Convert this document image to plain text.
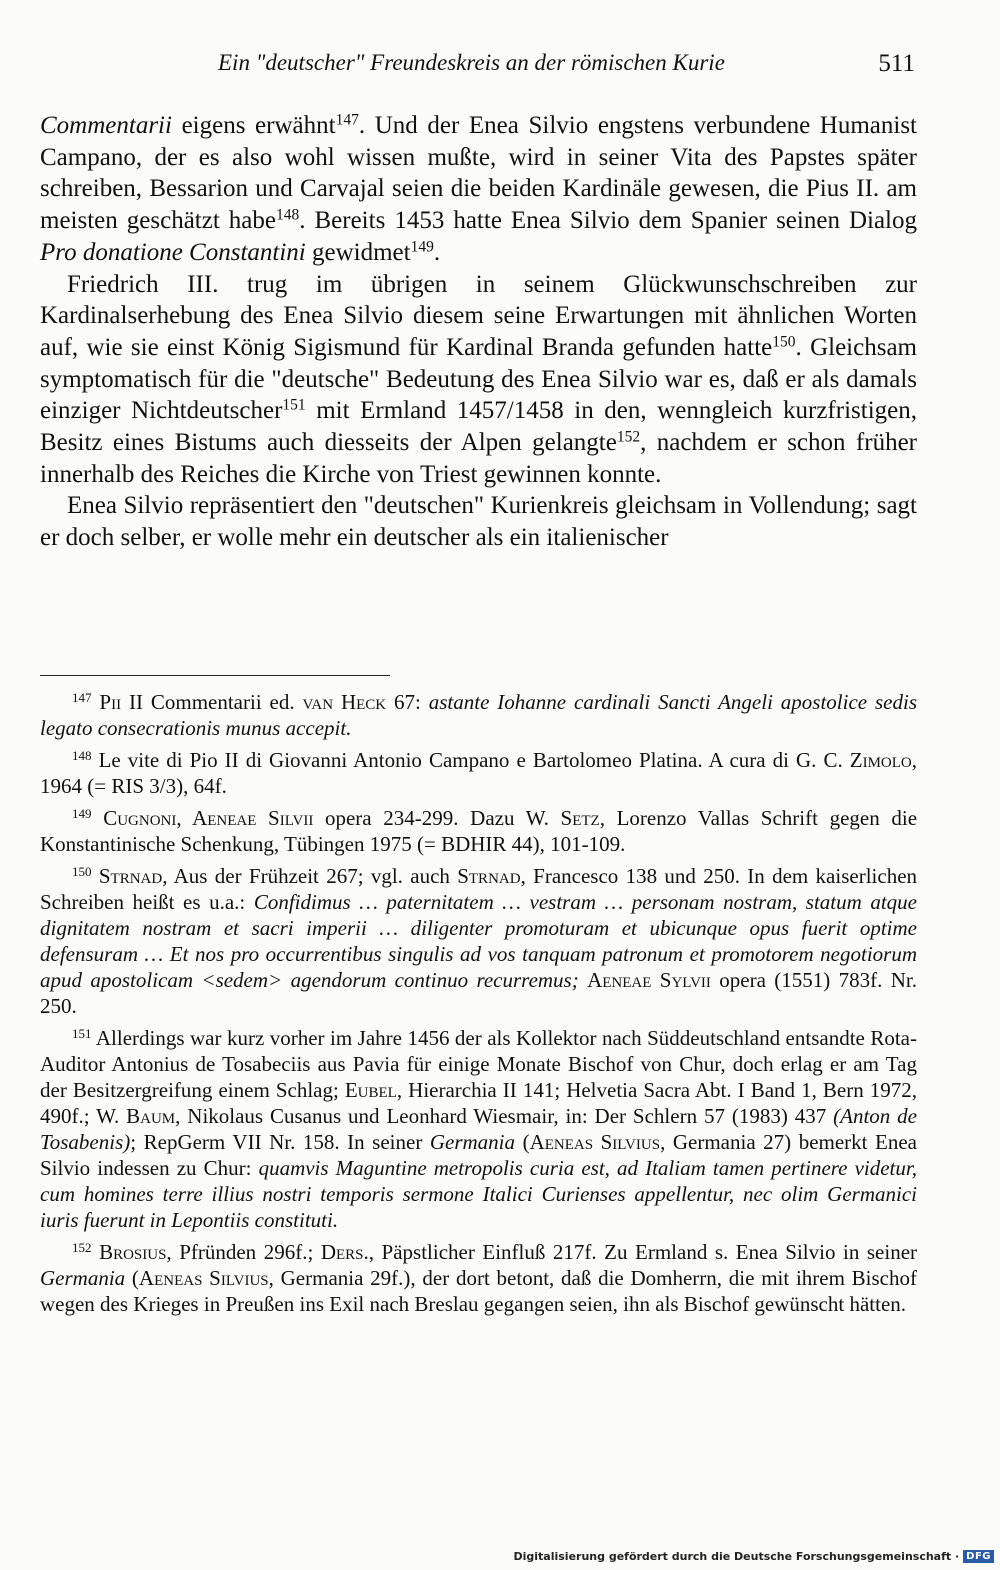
Ein "deutscher" Freundeskreis an der römischen Kurie	511

Commentarii eigens erwähnt$^{147}$. Und der Enea Silvio engstens verbundene Humanist Campano, der es also wohl wissen mußte, wird in seiner Vita des Papstes später schreiben, Bessarion und Carvajal seien die beiden Kardinäle gewesen, die Pius II. am meisten geschätzt habe$^{148}$. Bereits 1453 hatte Enea Silvio dem Spanier seinen Dialog Pro donatione Constantini gewidmet$^{149}$.

Friedrich III. trug im übrigen in seinem Glückwunschschreiben zur Kardinalserhebung des Enea Silvio diesem seine Erwartungen mit ähnlichen Worten auf, wie sie einst König Sigismund für Kardinal Branda gefunden hatte$^{150}$. Gleichsam symptomatisch für die "deutsche" Bedeutung des Enea Silvio war es, daß er als damals einziger Nichtdeutscher$^{151}$ mit Ermland 1457/1458 in den, wenngleich kurzfristigen, Besitz eines Bistums auch diesseits der Alpen gelangte$^{152}$, nachdem er schon früher innerhalb des Reiches die Kirche von Triest gewinnen konnte.

Enea Silvio repräsentiert den "deutschen" Kurienkreis gleichsam in Vollendung; sagt er doch selber, er wolle mehr ein deutscher als ein italienischer

$^{147}$ Pii II Commentarii ed. van Heck 67: astante Iohanne cardinali Sancti Angeli apostolice sedis legato consecrationis munus accepit.

$^{148}$ Le vite di Pio II di Giovanni Antonio Campano e Bartolomeo Platina. A cura di G. C. Zimolo, 1964 (= RIS 3/3), 64f.

$^{149}$ Cugnoni, Aeneae Silvii opera 234-299. Dazu W. Setz, Lorenzo Vallas Schrift gegen die Konstantinische Schenkung, Tübingen 1975 (= BDHIR 44), 101-109.

$^{150}$ Strnad, Aus der Frühzeit 267; vgl. auch Strnad, Francesco 138 und 250. In dem kaiserlichen Schreiben heißt es u.a.: Confidimus … paternitatem … vestram … personam nostram, statum atque dignitatem nostram et sacri imperii … diligenter promoturam et ubicunque opus fuerit optime defensuram … Et nos pro occurrentibus singulis ad vos tanquam patronum et promotorem negotiorum apud apostolicam <sedem> agendorum continuo recurremus; Aeneae Sylvii opera (1551) 783f. Nr. 250.

$^{151}$ Allerdings war kurz vorher im Jahre 1456 der als Kollektor nach Süddeutschland entsandte Rota-Auditor Antonius de Tosabeciis aus Pavia für einige Monate Bischof von Chur, doch erlag er am Tag der Besitzergreifung einem Schlag; Eubel, Hierarchia II 141; Helvetia Sacra Abt. I Band 1, Bern 1972, 490f.; W. Baum, Nikolaus Cusanus und Leonhard Wiesmair, in: Der Schlern 57 (1983) 437 (Anton de Tosabenis); RepGerm VII Nr. 158. In seiner Germania (Aeneas Silvius, Germania 27) bemerkt Enea Silvio indessen zu Chur: quamvis Maguntine metropolis curia est, ad Italiam tamen pertinere videtur, cum homines terre illius nostri temporis sermone Italici Curienses appellentur, nec olim Germanici iuris fuerunt in Lepontiis constituti.

$^{152}$ Brosius, Pfründen 296f.; Ders., Päpstlicher Einfluß 217f. Zu Ermland s. Enea Silvio in seiner Germania (Aeneas Silvius, Germania 29f.), der dort betont, daß die Domherrn, die mit ihrem Bischof wegen des Krieges in Preußen ins Exil nach Breslau gegangen seien, ihn als Bischof gewünscht hätten.

Digitalisierung gefördert durch die Deutsche Forschungsgemeinschaft · DFG
